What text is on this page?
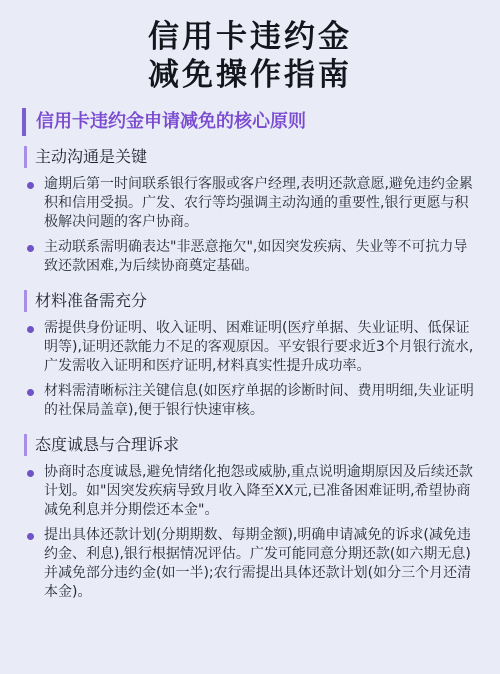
信用卡违约金
减免操作指南
信用卡违约金申请减免的核心原则
主动沟通是关键
逾期后第一时间联系银行客服或客户经理,表明还款意愿,避免违约金累积和信用受损。广发、农行等均强调主动沟通的重要性,银行更愿与积极解决问题的客户协商。
主动联系需明确表达"非恶意拖欠",如因突发疾病、失业等不可抗力导致还款困难,为后续协商奠定基础。
材料准备需充分
需提供身份证明、收入证明、困难证明(医疗单据、失业证明、低保证明等),证明还款能力不足的客观原因。平安银行要求近3个月银行流水,广发需收入证明和医疗证明,材料真实性提升成功率。
材料需清晰标注关键信息(如医疗单据的诊断时间、费用明细,失业证明的社保局盖章),便于银行快速审核。
态度诚恳与合理诉求
协商时态度诚恳,避免情绪化抱怨或威胁,重点说明逾期原因及后续还款计划。如"因突发疾病导致月收入降至XX元,已准备困难证明,希望协商减免利息并分期偿还本金"。
提出具体还款计划(分期期数、每期金额),明确申请减免的诉求(减免违约金、利息),银行根据情况评估。广发可能同意分期还款(如六期无息)并减免部分违约金(如一半);农行需提出具体还款计划(如分三个月还清本金)。
